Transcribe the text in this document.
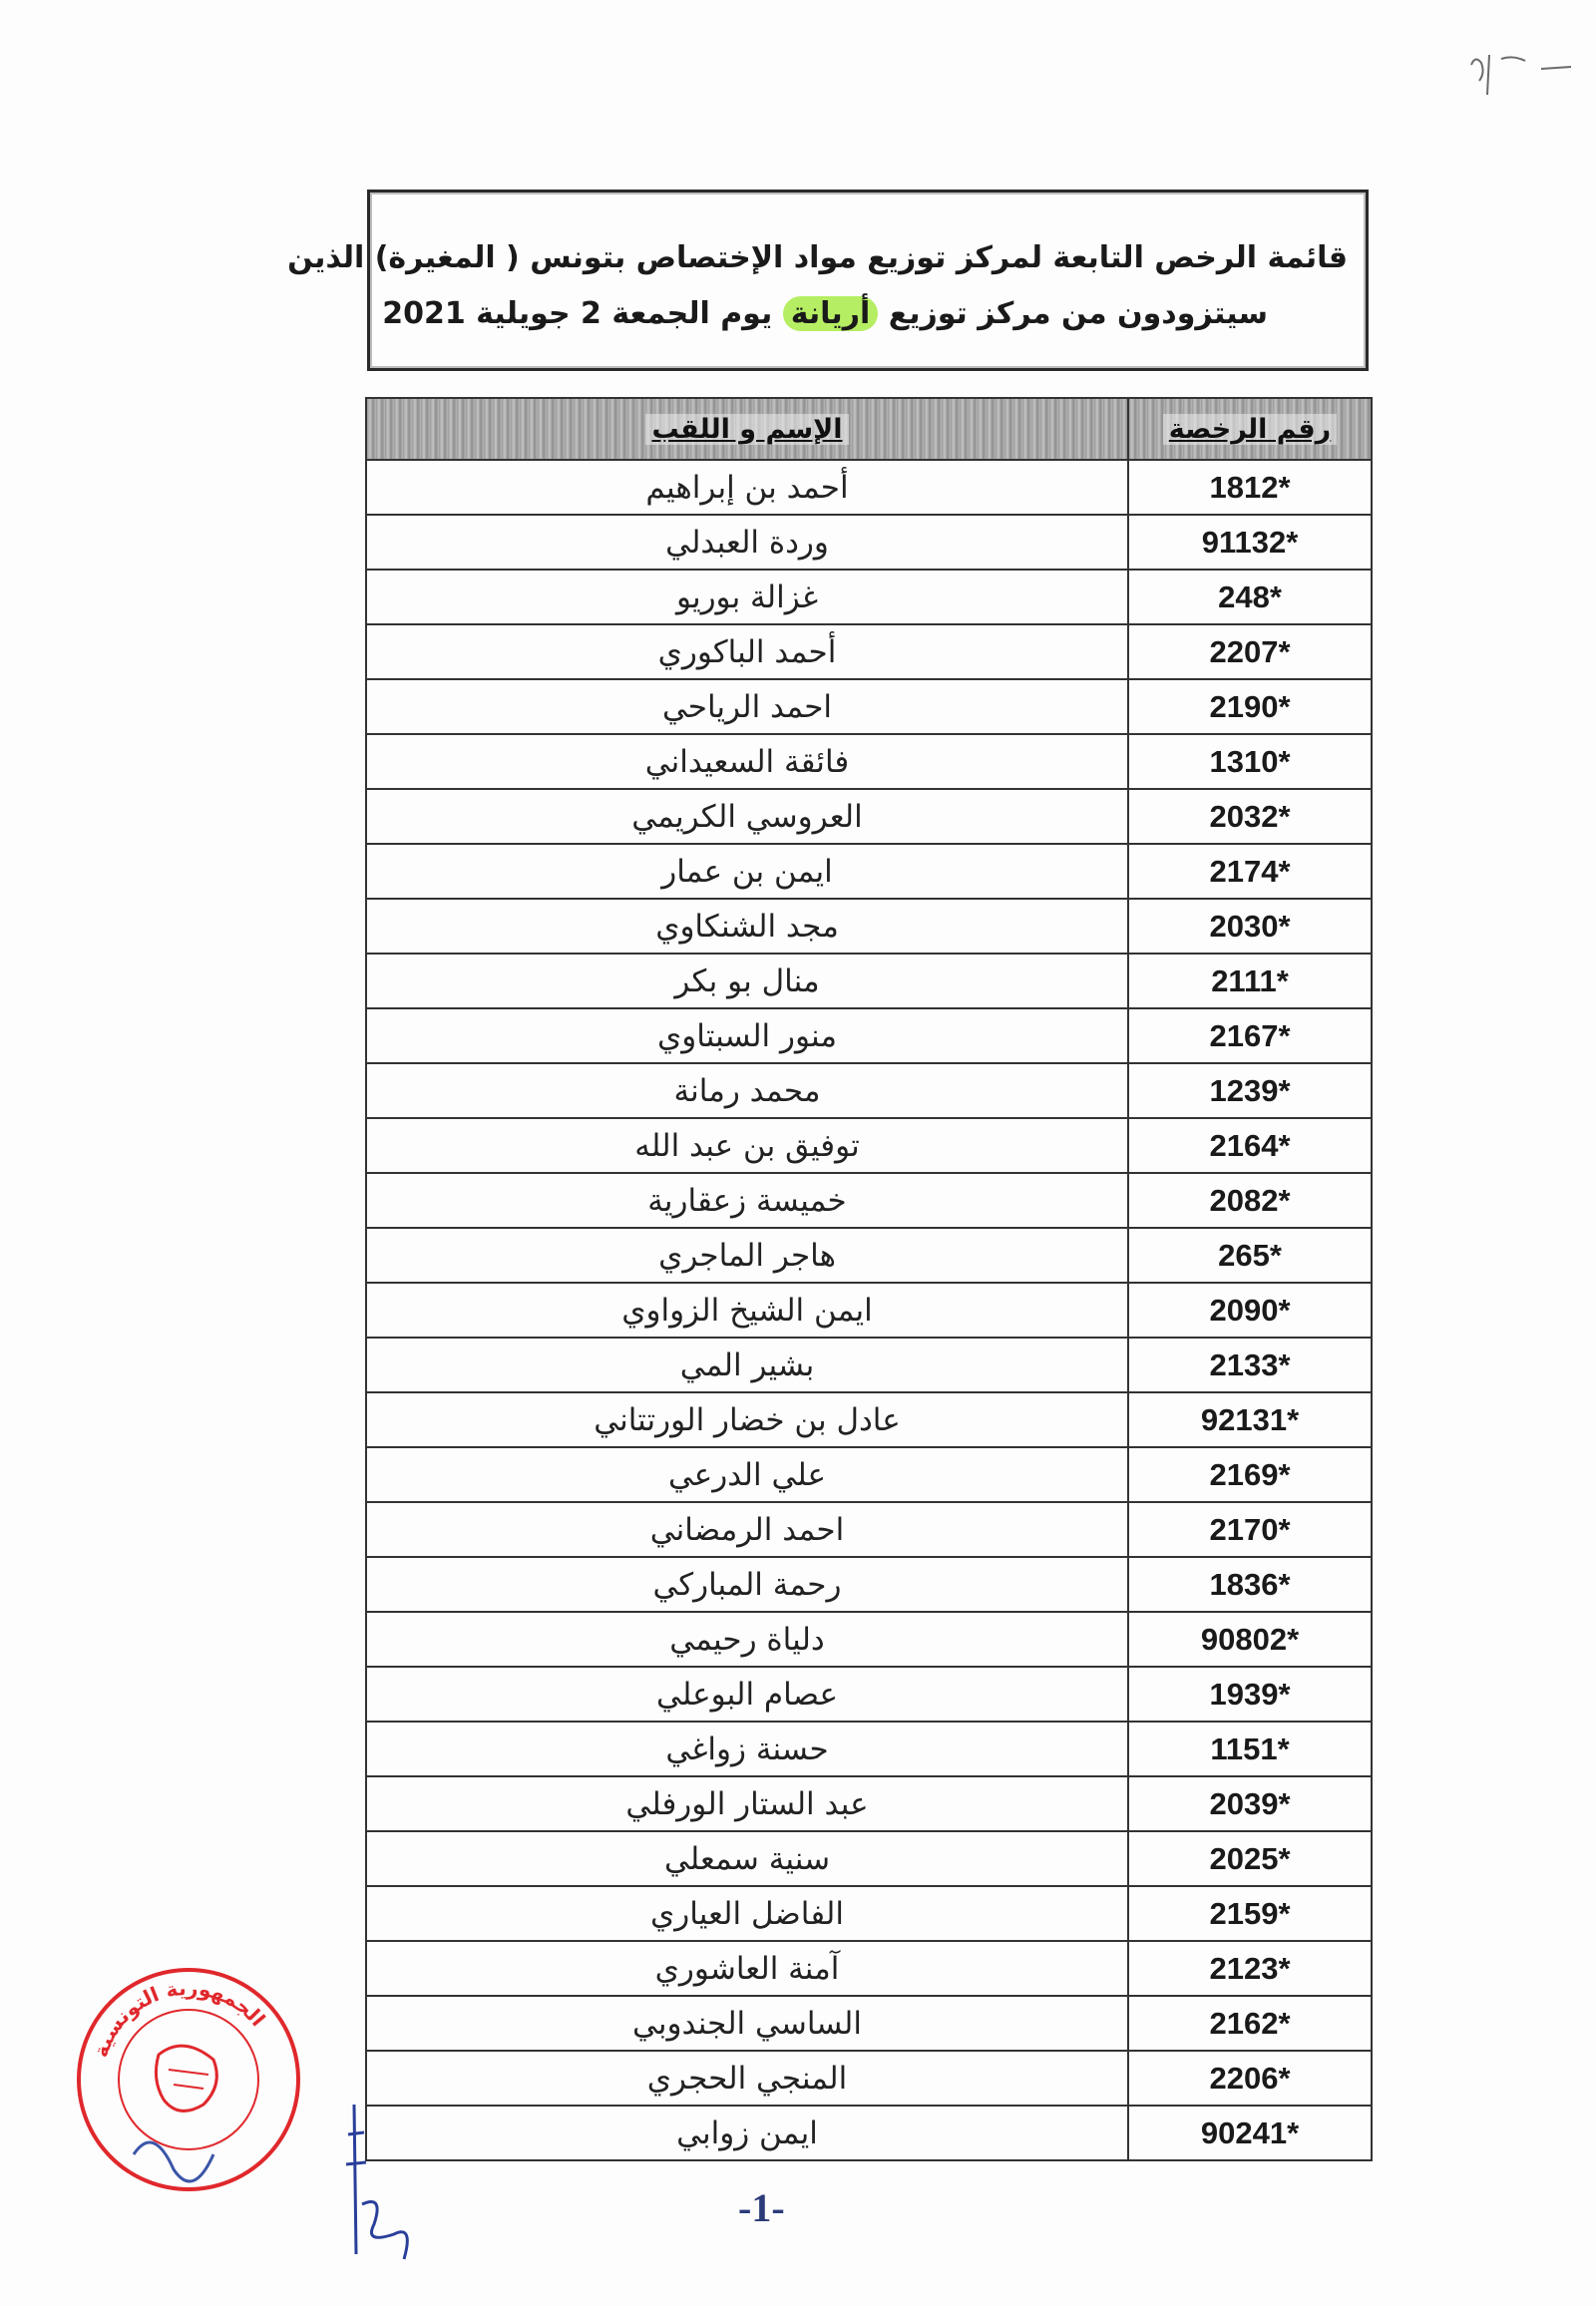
قائمة الرخص التابعة لمركز توزيع مواد الإختصاص بتونس ( المغيرة) الذين
سيتزودون من مركز توزيع أريانة يوم الجمعة 2 جويلية 2021
رقم الرخصة	الإسم و اللقب
1812*	أحمد بن إبراهيم
91132*	وردة العبدلي
248*	غزالة بوريو
2207*	أحمد الباكوري
2190*	احمد الرياحي
1310*	فائقة السعيداني
2032*	العروسي الكريمي
2174*	ايمن بن عمار
2030*	مجد الشنكاوي
2111*	منال بو بكر
2167*	منور السبتاوي
1239*	محمد رمانة
2164*	توفيق بن عبد الله
2082*	خميسة زعقارية
265*	هاجر الماجري
2090*	ايمن الشيخ الزواوي
2133*	بشير المي
92131*	عادل بن خضار الورتتاني
2169*	علي الدرعي
2170*	احمد الرمضاني
1836*	رحمة المباركي
90802*	دلياة رحيمي
1939*	عصام البوعلي
1151*	حسنة زواغي
2039*	عبد الستار الورفلي
2025*	سنية سمعلي
2159*	الفاضل العياري
2123*	آمنة العاشوري
2162*	الساسي الجندوبي
2206*	المنجي الحجري
90241*	ايمن زوابي
الجمهورية التونسية
-1-
